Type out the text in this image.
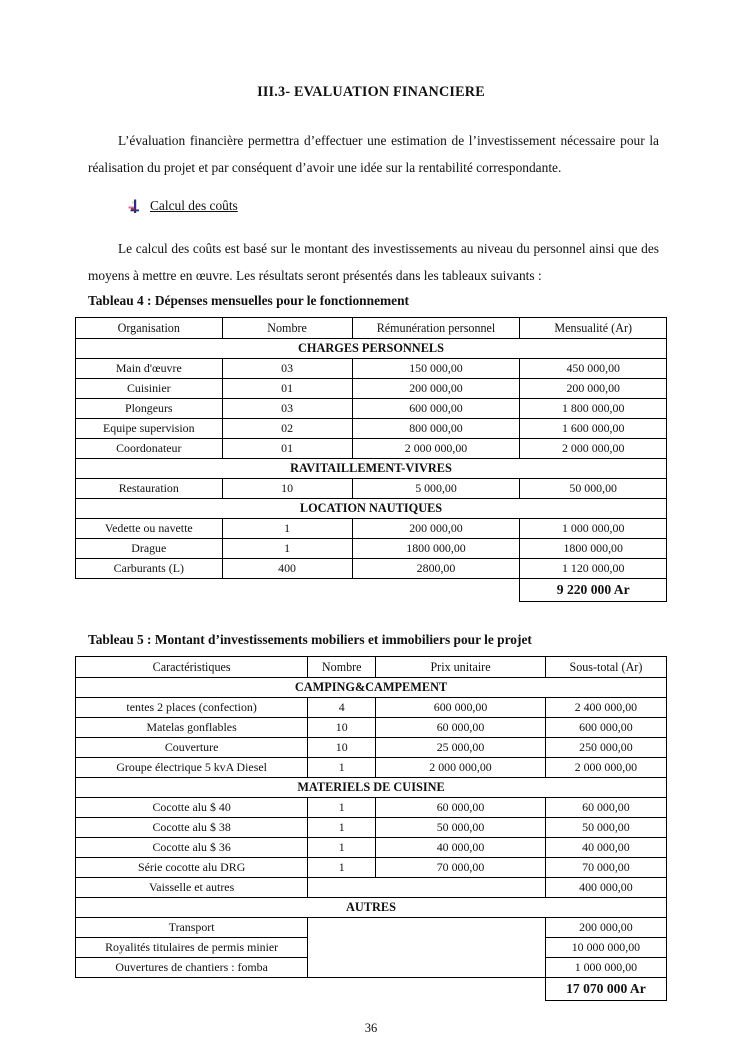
III.3- EVALUATION FINANCIERE

L’évaluation financière permettra d’effectuer une estimation de l’investissement nécessaire pour la réalisation du projet et par conséquent d’avoir une idée sur la rentabilité correspondante.

Calcul des coûts

Le calcul des coûts est basé sur le montant des investissements au niveau du personnel ainsi que des moyens à mettre en œuvre. Les résultats seront présentés dans les tableaux suivants :

Tableau 4 : Dépenses mensuelles pour le fonctionnement

Organisation	Nombre	Rémunération personnel	Mensualité (Ar)
CHARGES PERSONNELS			
Main d'œuvre	03	150 000,00	450 000,00
Cuisinier	01	200 000,00	200 000,00
Plongeurs	03	600 000,00	1 800 000,00
Equipe supervision	02	800 000,00	1 600 000,00
Coordonateur	01	2 000 000,00	2 000 000,00
RAVITAILLEMENT-VIVRES			
Restauration	10	5 000,00	50 000,00
LOCATION NAUTIQUES			
Vedette ou navette	1	200 000,00	1 000 000,00
Drague	1	1800 000,00	1800 000,00
Carburants (L)	400	2800,00	1 120 000,00
			9 220 000 Ar

Tableau 5 : Montant d’investissements mobiliers et immobiliers pour le projet

Caractéristiques	Nombre	Prix unitaire	Sous-total (Ar)
CAMPING&CAMPEMENT			
tentes 2 places (confection)	4	600 000,00	2 400 000,00
Matelas gonflables	10	60 000,00	600 000,00
Couverture	10	25 000,00	250 000,00
Groupe électrique 5 kvA Diesel	1	2 000 000,00	2 000 000,00
MATERIELS DE CUISINE			
Cocotte alu $ 40	1	60 000,00	60 000,00
Cocotte alu $ 38	1	50 000,00	50 000,00
Cocotte alu $ 36	1	40 000,00	40 000,00
Série cocotte alu DRG	1	70 000,00	70 000,00
Vaisselle et autres			400 000,00
AUTRES			
Transport			200 000,00
Royalités titulaires de permis minier			10 000 000,00
Ouvertures de chantiers : fomba			1 000 000,00
			17 070 000 Ar
36
